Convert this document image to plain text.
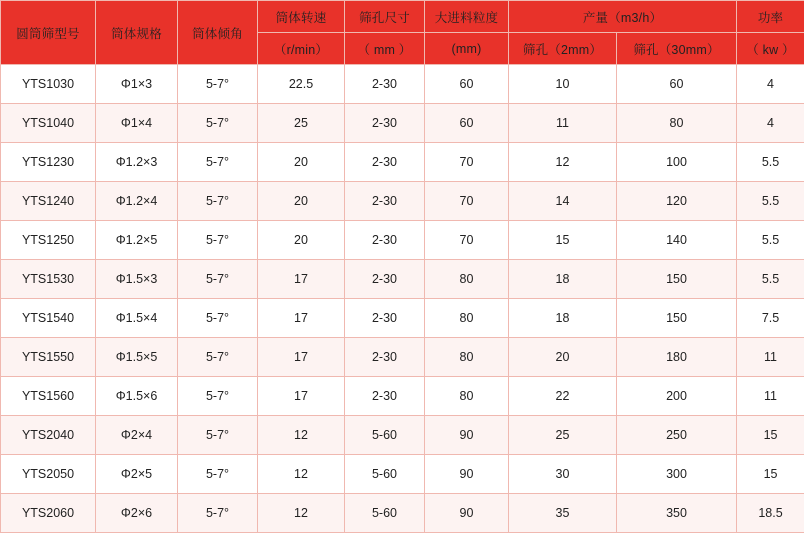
圆筒筛型号	筒体规格	筒体倾角	筒体转速	筛孔尺寸	大进料粒度	产量（m3/h）		功率
			（r/min）	（ mm ）	(mm)	筛孔（2mm）	筛孔（30mm）	（ kw ）
YTS1030	Φ1×3	5-7°	22.5	2-30	60	10	60	4
YTS1040	Φ1×4	5-7°	25	2-30	60	11	80	4
YTS1230	Φ1.2×3	5-7°	20	2-30	70	12	100	5.5
YTS1240	Φ1.2×4	5-7°	20	2-30	70	14	120	5.5
YTS1250	Φ1.2×5	5-7°	20	2-30	70	15	140	5.5
YTS1530	Φ1.5×3	5-7°	17	2-30	80	18	150	5.5
YTS1540	Φ1.5×4	5-7°	17	2-30	80	18	150	7.5
YTS1550	Φ1.5×5	5-7°	17	2-30	80	20	180	11
YTS1560	Φ1.5×6	5-7°	17	2-30	80	22	200	11
YTS2040	Φ2×4	5-7°	12	5-60	90	25	250	15
YTS2050	Φ2×5	5-7°	12	5-60	90	30	300	15
YTS2060	Φ2×6	5-7°	12	5-60	90	35	350	18.5
